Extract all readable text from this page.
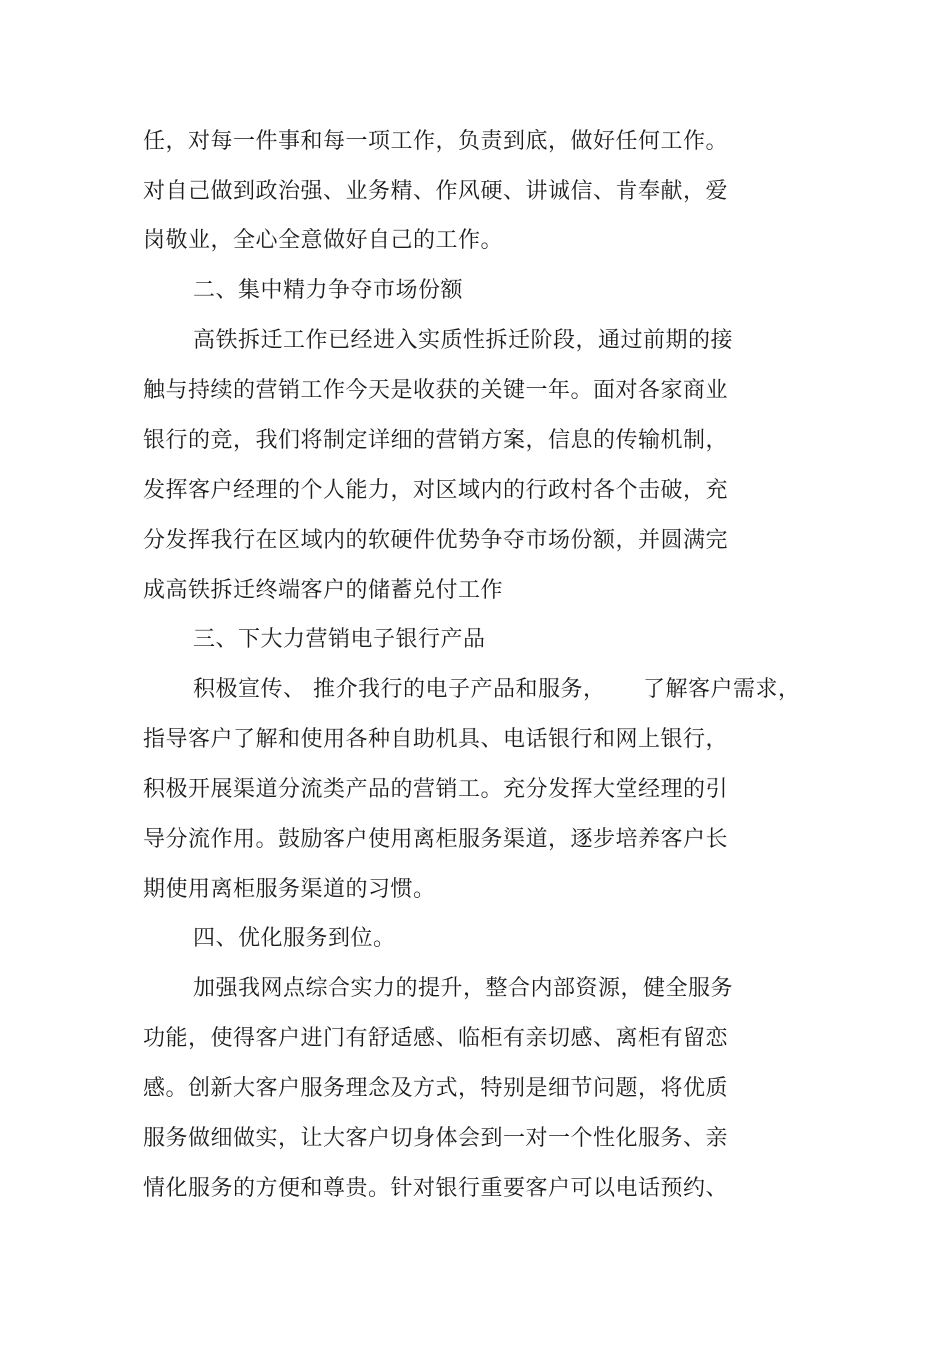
任，对每一件事和每一项工作，负责到底，做好任何工作。
对自己做到政治强、业务精、作风硬、讲诚信、肯奉献，爱
岗敬业，全心全意做好自己的工作。
二、集中精力争夺市场份额
高铁拆迁工作已经进入实质性拆迁阶段，通过前期的接
触与持续的营销工作今天是收获的关键一年。面对各家商业
银行的竞，我们将制定详细的营销方案，信息的传输机制，
发挥客户经理的个人能力，对区域内的行政村各个击破，充
分发挥我行在区域内的软硬件优势争夺市场份额，并圆满完
成高铁拆迁终端客户的储蓄兑付工作
三、下大力营销电子银行产品
积极宣传、 推介我行的电子产品和服务，     了解客户需求，
指导客户了解和使用各种自助机具、电话银行和网上银行，
积极开展渠道分流类产品的营销工。充分发挥大堂经理的引
导分流作用。鼓励客户使用离柜服务渠道，逐步培养客户长
期使用离柜服务渠道的习惯。
四、优化服务到位。
加强我网点综合实力的提升，整合内部资源，健全服务
功能，使得客户进门有舒适感、临柜有亲切感、离柜有留恋
感。创新大客户服务理念及方式，特别是细节问题，将优质
服务做细做实，让大客户切身体会到一对一个性化服务、亲
情化服务的方便和尊贵。针对银行重要客户可以电话预约、
